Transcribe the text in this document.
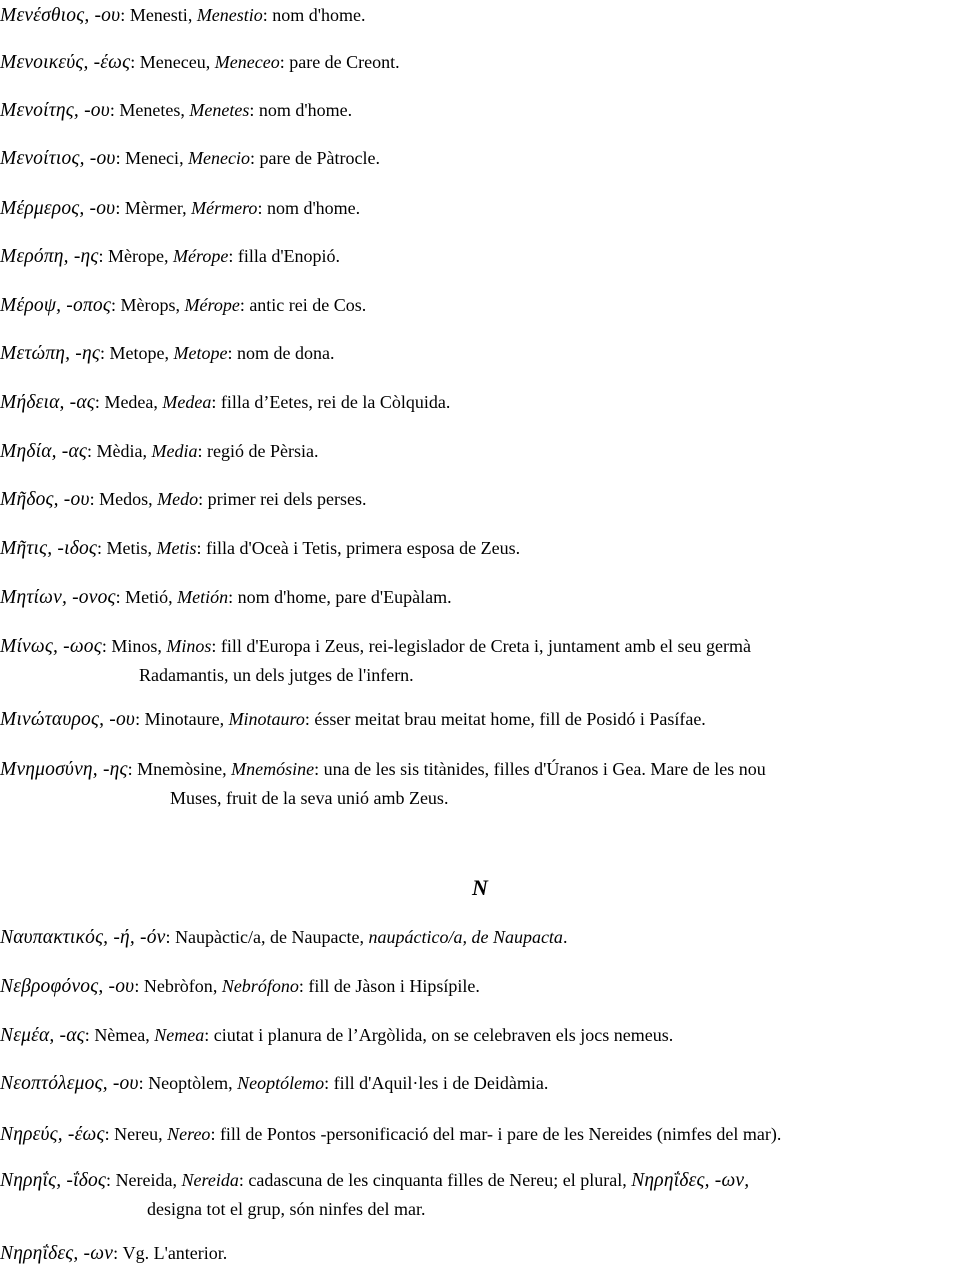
Μενέσθιος, -ου: Menesti, Menestio: nom d'home.
Μενοικεύς, -έως: Meneceu, Meneceo: pare de Creont.
Μενοίτης, -ου: Menetes, Menetes: nom d'home.
Μενοίτιος, -ου: Meneci, Menecio: pare de Pàtrocle.
Μέρμερος, -ου: Mèrmer, Mérmero: nom d'home.
Μερόπη, -ης: Mèrope, Mérope: filla d'Enopió.
Μέροψ, -οπος: Mèrops, Mérope: antic rei de Cos.
Μετώπη, -ης: Metope, Metope: nom de dona.
Μήδεια, -ας: Medea, Medea: filla d’Eetes, rei de la Còlquida.
Μηδία, -ας: Mèdia, Media: regió de Pèrsia.
Μῆδος, -ου: Medos, Medo: primer rei dels perses.
Μῆτις, -ιδος: Metis, Metis: filla d'Oceà i Tetis, primera esposa de Zeus.
Μητίων, -ονος: Metió, Metión: nom d'home, pare d'Eupàlam.
Μίνως, -ωος: Minos, Minos: fill d'Europa i Zeus, rei-legislador de Creta i, juntament amb el seu germà
Radamantis, un dels jutges de l'infern.
Μινώταυρος, -ου: Minotaure, Minotauro: ésser meitat brau meitat home, fill de Posidó i Pasífae.
Μνημοσύνη, -ης: Mnemòsine, Mnemósine: una de les sis titànides, filles d'Úranos i Gea. Mare de les nou
Muses, fruit de la seva unió amb Zeus.
N
Ναυπακτικός, -ή, -όν: Naupàctic/a, de Naupacte, naupáctico/a, de Naupacta.
Νεβροφόνος, -ου: Nebròfon, Nebrófono: fill de Jàson i Hipsípile.
Νεμέα, -ας: Nèmea, Nemea: ciutat i planura de l’Argòlida, on se celebraven els jocs nemeus.
Νεοπτόλεμος, -ου: Neoptòlem, Neoptólemo: fill d'Aquil·les i de Deidàmia.
Νηρεύς, -έως: Nereu, Nereo: fill de Pontos -personificació del mar- i pare de les Nereides (nimfes del mar).
Νηρηΐς, -ΐδος: Nereida, Nereida: cadascuna de les cinquanta filles de Nereu; el plural, Νηρηΐδες, -ων,
designa tot el grup, són ninfes del mar.
Νηρηΐδες, -ων: Vg. L'anterior.
